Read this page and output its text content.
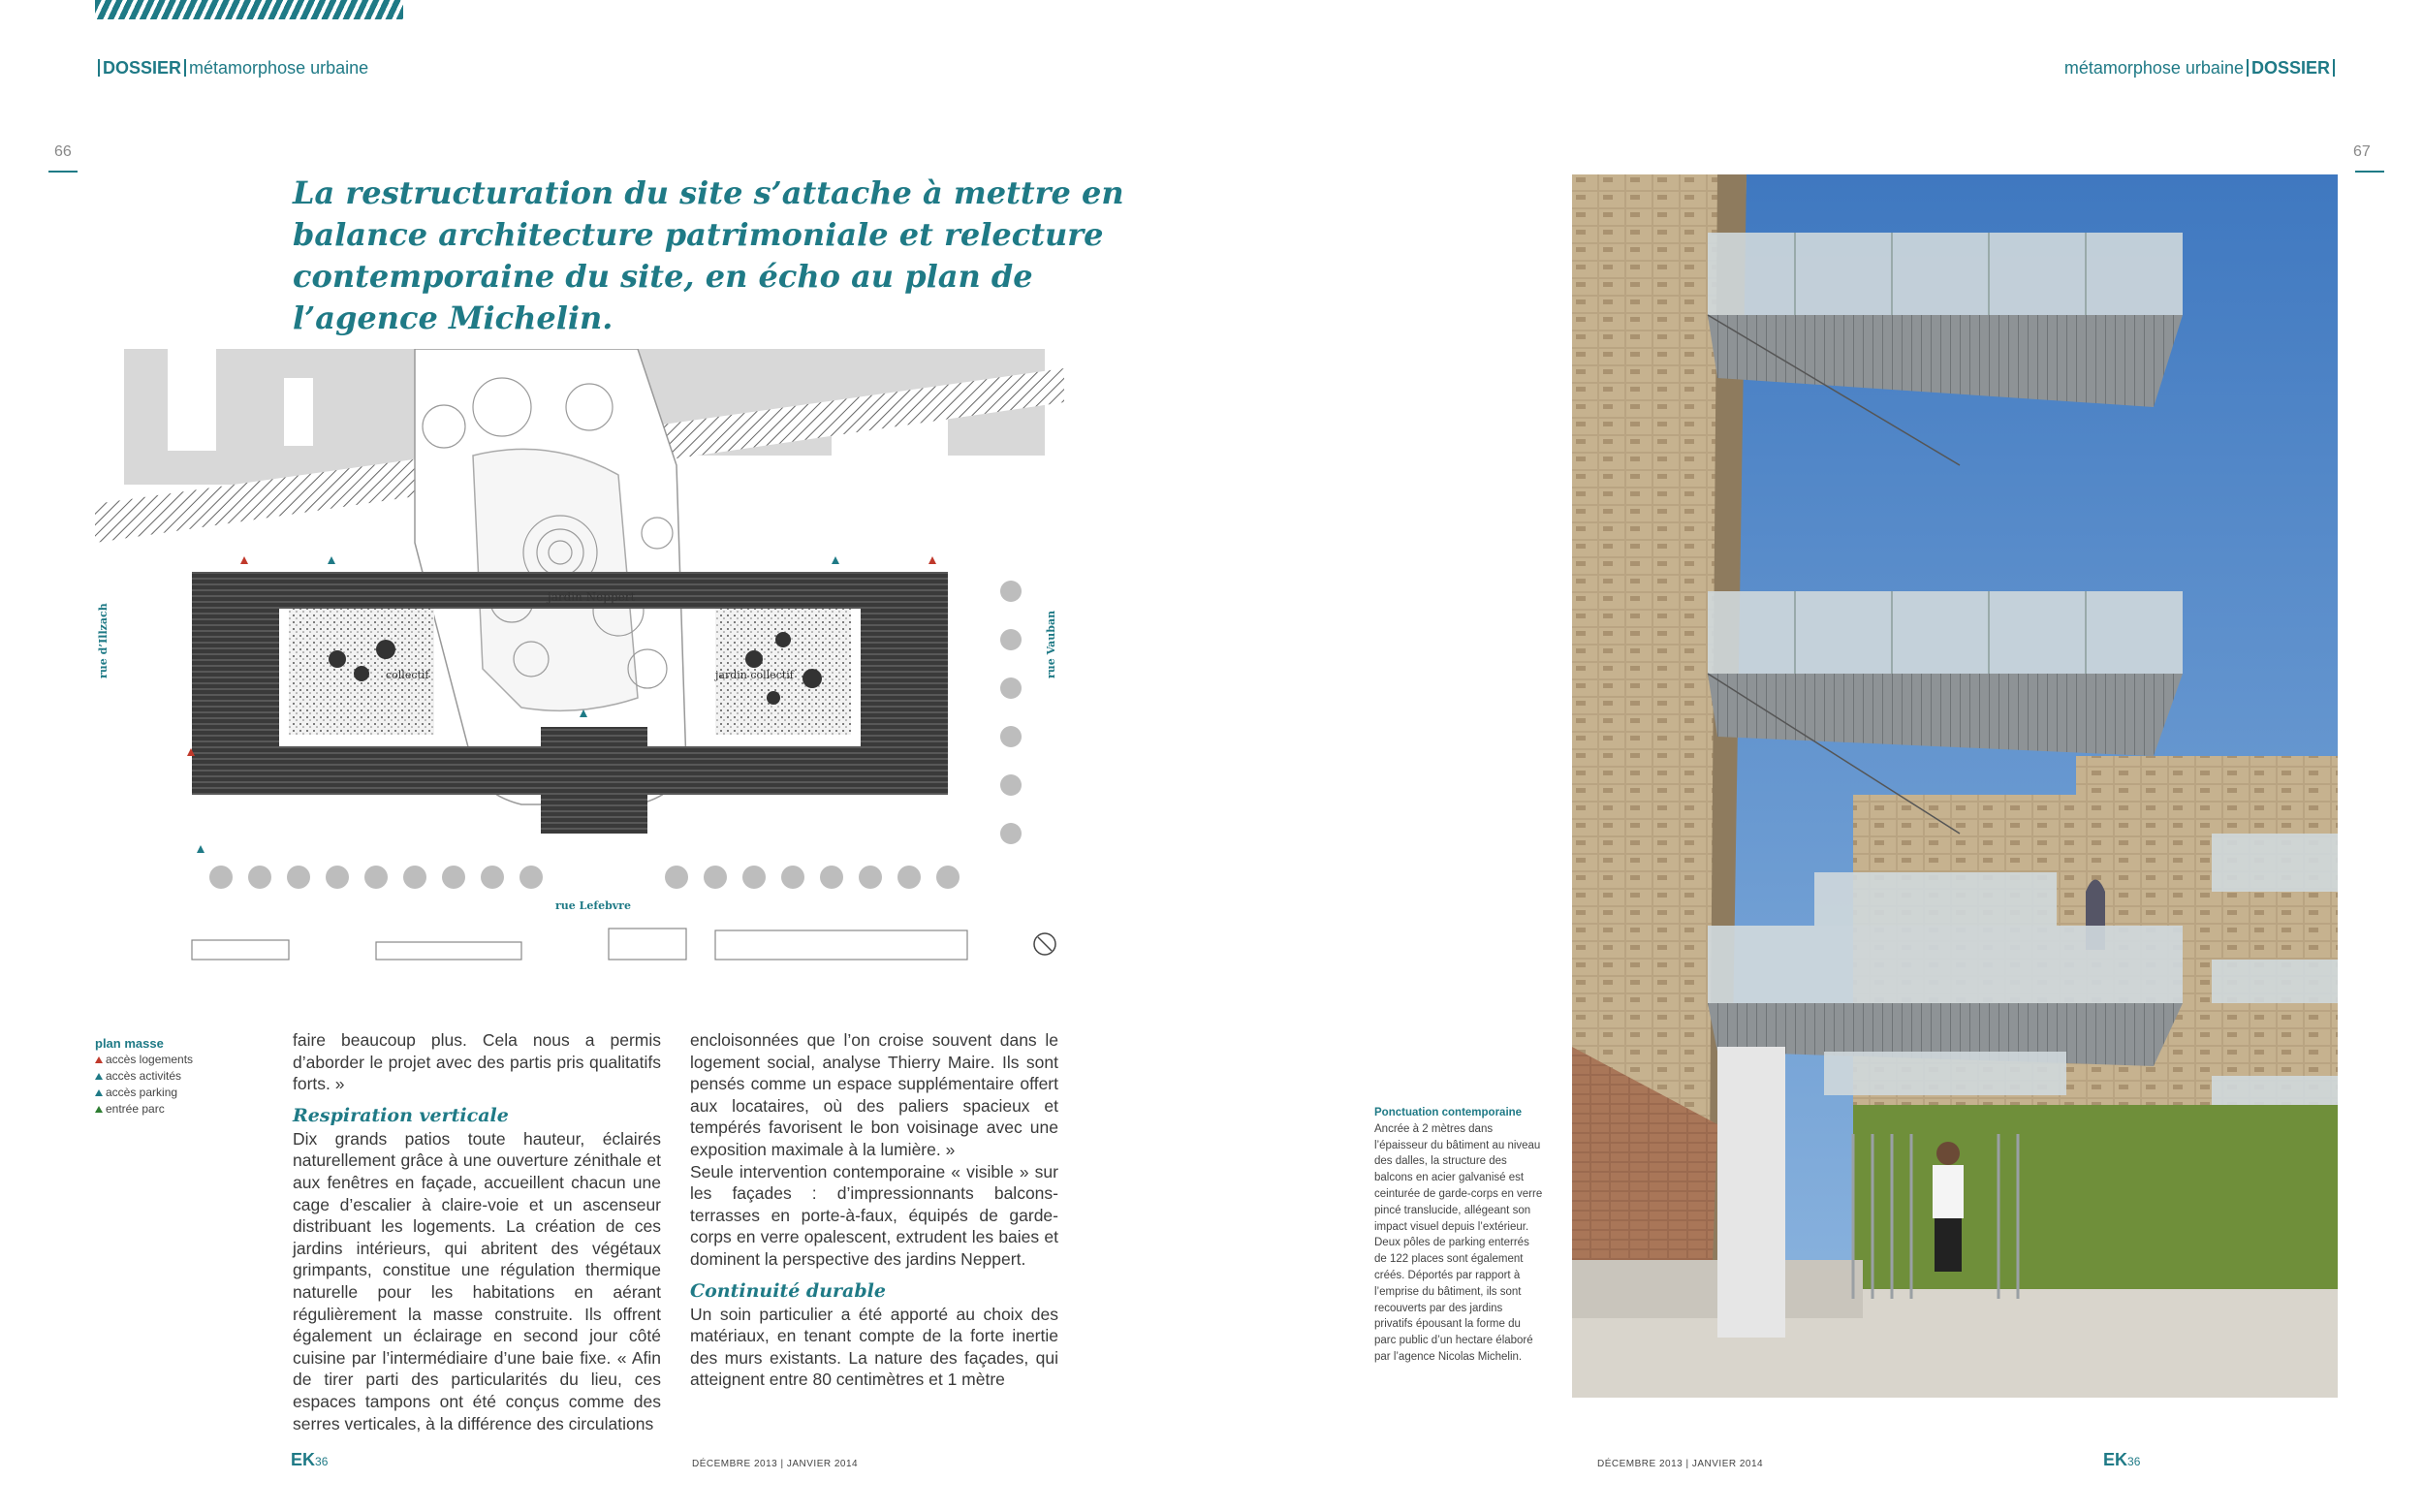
DOSSIER métamorphose urbaine	métamorphose urbaine DOSSIER
66	67
La restructuration du site s’attache à mettre en balance architecture patrimoniale et relecture contemporaine du site, en écho au plan de l’agence Michelin.
jardin Neppert
collectif	jardin collectif
rue d’Illzach	rue Vauban
rue Lefebvre
plan masse
accès logements
accès activités
accès parking
entrée parc

faire beaucoup plus. Cela nous a permis d’aborder le projet avec des partis pris qualitatifs forts. »

Respiration verticale

Dix grands patios toute hauteur, éclairés naturellement grâce à une ouverture zénithale et aux fenêtres en façade, accueillent chacun une cage d’escalier à claire-voie et un ascenseur distribuant les logements. La création de ces jardins intérieurs, qui abritent des végétaux grimpants, constitue une régulation thermique naturelle pour les habitations en aérant régulièrement la masse construite. Ils offrent également un éclairage en second jour côté cuisine par l’intermédiaire d’une baie fixe. « Afin de tirer parti des particularités du lieu, ces espaces tampons ont été conçus comme des serres verticales, à la différence des circulations

encloisonnées que l’on croise souvent dans le logement social, analyse Thierry Maire. Ils sont pensés comme un espace supplémentaire offert aux locataires, où des paliers spacieux et tempérés favorisent le bon voisinage avec une exposition maximale à la lumière. »

Seule intervention contemporaine « visible » sur les façades : d’impressionnants balcons-terrasses en porte-à-faux, équipés de garde-corps en verre opalescent, extrudent les baies et dominent la perspective des jardins Neppert.

Continuité durable

Un soin particulier a été apporté au choix des matériaux, en tenant compte de la forte inertie des murs existants. La nature des façades, qui atteignent entre 80 centimètres et 1 mètre

Ponctuation contemporaine
Ancrée à 2 mètres dans l’épaisseur du bâtiment au niveau des dalles, la structure des balcons en acier galvanisé est ceinturée de garde-corps en verre pincé translucide, allégeant son impact visuel depuis l’extérieur. Deux pôles de parking enterrés de 122 places sont également créés. Déportés par rapport à l’emprise du bâtiment, ils sont recouverts par des jardins privatifs épousant la forme du parc public d’un hectare élaboré par l’agence Nicolas Michelin.
EK36	DÉCEMBRE 2013 | JANVIER 2014	DÉCEMBRE 2013 | JANVIER 2014	EK36
